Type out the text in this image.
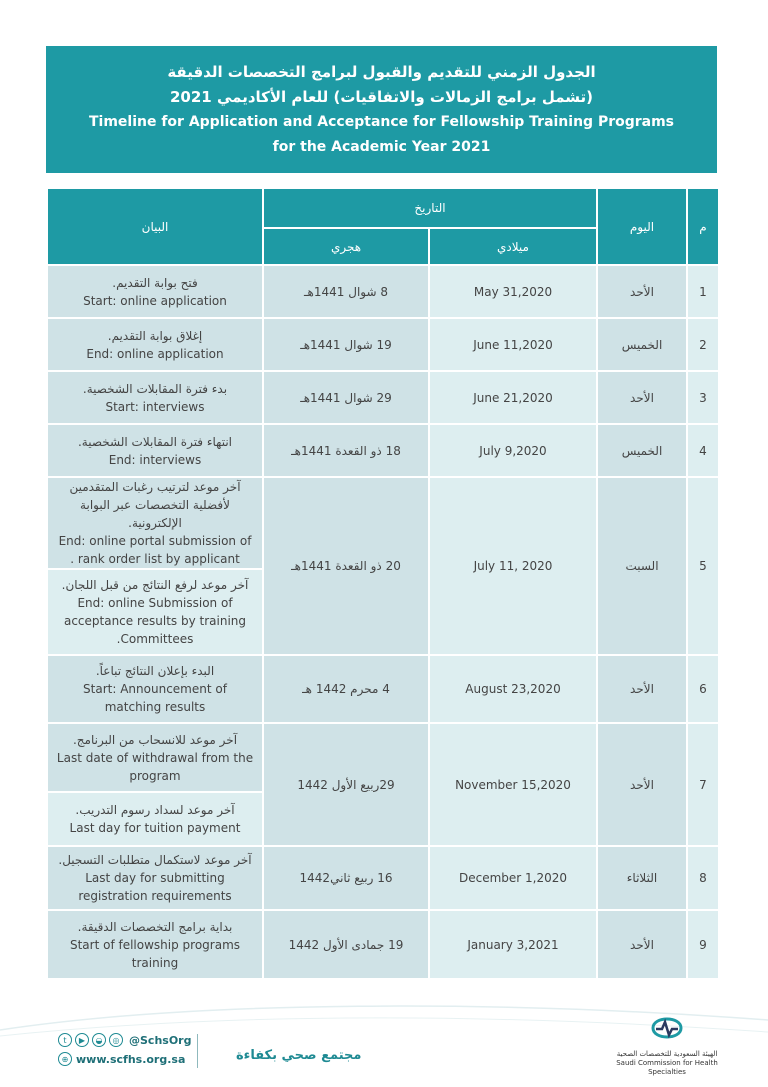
الجدول الزمني للتقديم والقبول لبرامج التخصصات الدقيقة
(تشمل برامج الزمالات والاتفاقيات) للعام الأكاديمي 2021
Timeline for Application and Acceptance for Fellowship Training Programs
for the Academic Year 2021
م	اليوم	التاريخ		البيان
		ميلادي	هجري	
1	الأحد	May 31,2020	8 شوال 1441هـ	فتح بوابة التقديم.
Start: online application

2	الخميس	June 11,2020	19 شوال 1441هـ	إغلاق بوابة التقديم.
End: online application

3	الأحد	June 21,2020	29 شوال 1441هـ	بدء فترة المقابلات الشخصية.
Start: interviews

4	الخميس	July 9,2020	18 ذو القعدة 1441هـ	انتهاء فترة المقابلات الشخصية.
End: interviews

5	السبت	July 11, 2020	20 ذو القعدة 1441هـ	آخر موعد لترتيب رغبات المتقدمين لأفضلية التخصصات عبر البوابة الإلكترونية.
End: online portal submission of rank order list by applicant .

				آخر موعد لرفع النتائج من قبل اللجان.
End: online Submission of acceptance results by training Committees.

6	الأحد	August 23,2020	4 محرم 1442 هـ	البدء بإعلان النتائج تباعاً.
Start: Announcement of matching results

7	الأحد	November 15,2020	29ربيع الأول 1442	آخر موعد للانسحاب من البرنامج.
Last date of withdrawal from the program

				آخر موعد لسداد رسوم التدريب.
Last day for tuition payment

8	الثلاثاء	December 1,2020	16 ربيع ثاني1442	آخر موعد لاستكمال متطلبات التسجيل.
Last day for submitting registration requirements

9	الأحد	January 3,2021	19 جمادى الأول 1442	بداية برامج التخصصات الدقيقة.
Start of fellowship programs training
t	▶	◒	◎ @SchsOrg
⊕ www.scfhs.org.sa	مجتمع صحي بكفاءة	الهيئة السعودية للتخصصات الصحية
Saudi Commission for Health Specialties
